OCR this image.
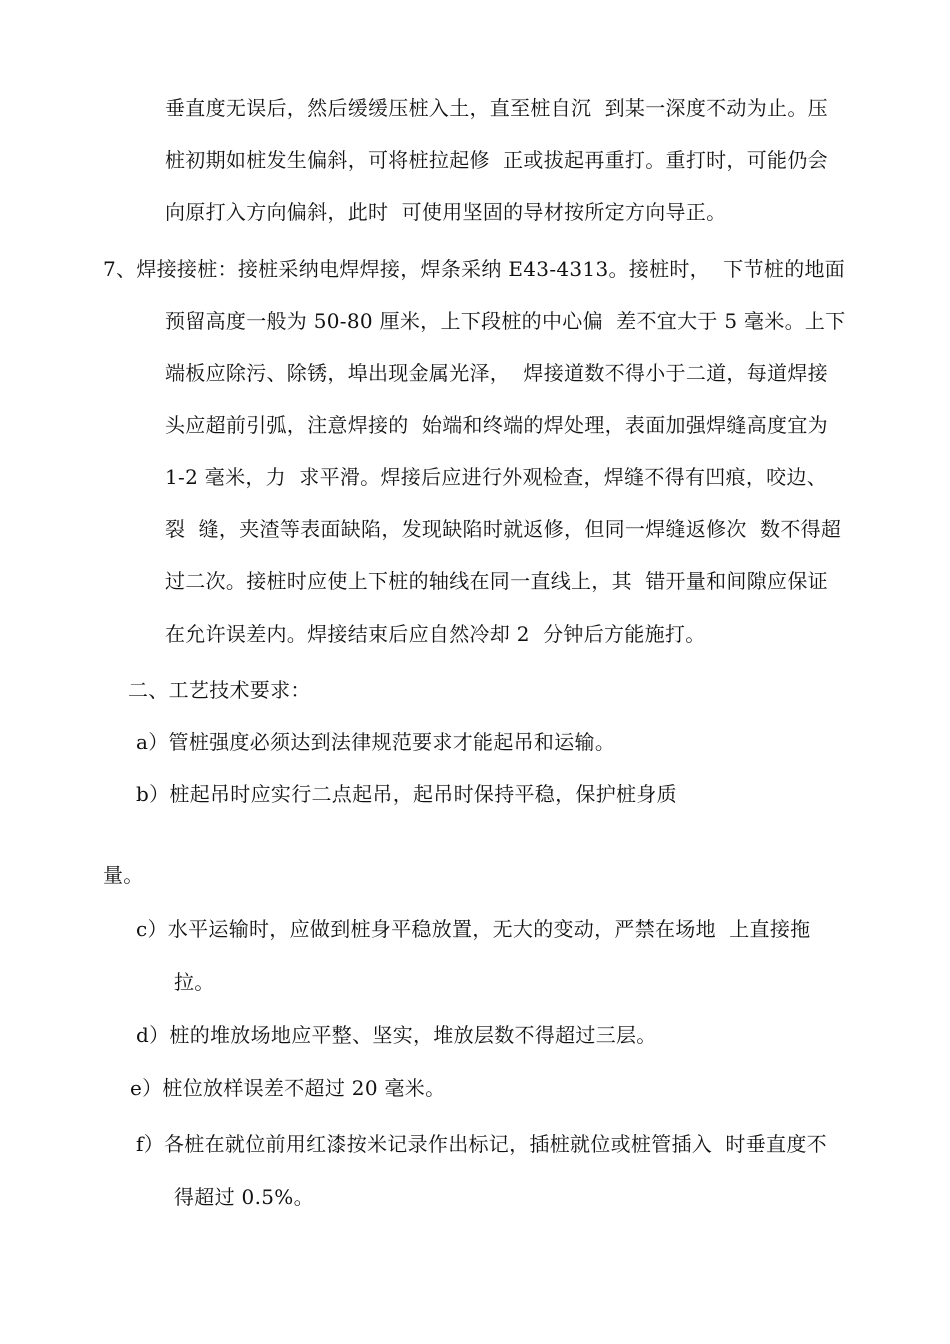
垂直度无误后，然后缓缓压桩入土，直至桩自沉  到某一深度不动为止。压
桩初期如桩发生偏斜，可将桩拉起修  正或拔起再重打。重打时，可能仍会
向原打入方向偏斜，此时  可使用坚固的导材按所定方向导正。
7、焊接接桩：接桩采纳电焊焊接，焊条采纳 E43-4313。接桩时，  下节桩的地面
预留高度一般为 50-80 厘米，上下段桩的中心偏  差不宜大于 5 毫米。上下
端板应除污、除锈，埠出现金属光泽，  焊接道数不得小于二道，每道焊接
头应超前引弧，注意焊接的  始端和终端的焊处理，表面加强焊缝高度宜为
1-2 毫米，力  求平滑。焊接后应进行外观检查，焊缝不得有凹痕，咬边、
裂  缝，夹渣等表面缺陷，发现缺陷时就返修，但同一焊缝返修次  数不得超
过二次。接桩时应使上下桩的轴线在同一直线上，其  错开量和间隙应保证
在允许误差内。焊接结束后应自然冷却 2  分钟后方能施打。
二、工艺技术要求：
a）管桩强度必须达到法律规范要求才能起吊和运输。
b）桩起吊时应实行二点起吊，起吊时保持平稳，保护桩身质
量。
c）水平运输时，应做到桩身平稳放置，无大的变动，严禁在场地  上直接拖
拉。
d）桩的堆放场地应平整、坚实，堆放层数不得超过三层。
e）桩位放样误差不超过 20 毫米。
f）各桩在就位前用红漆按米记录作出标记，插桩就位或桩管插入  时垂直度不
得超过 0.5%。
